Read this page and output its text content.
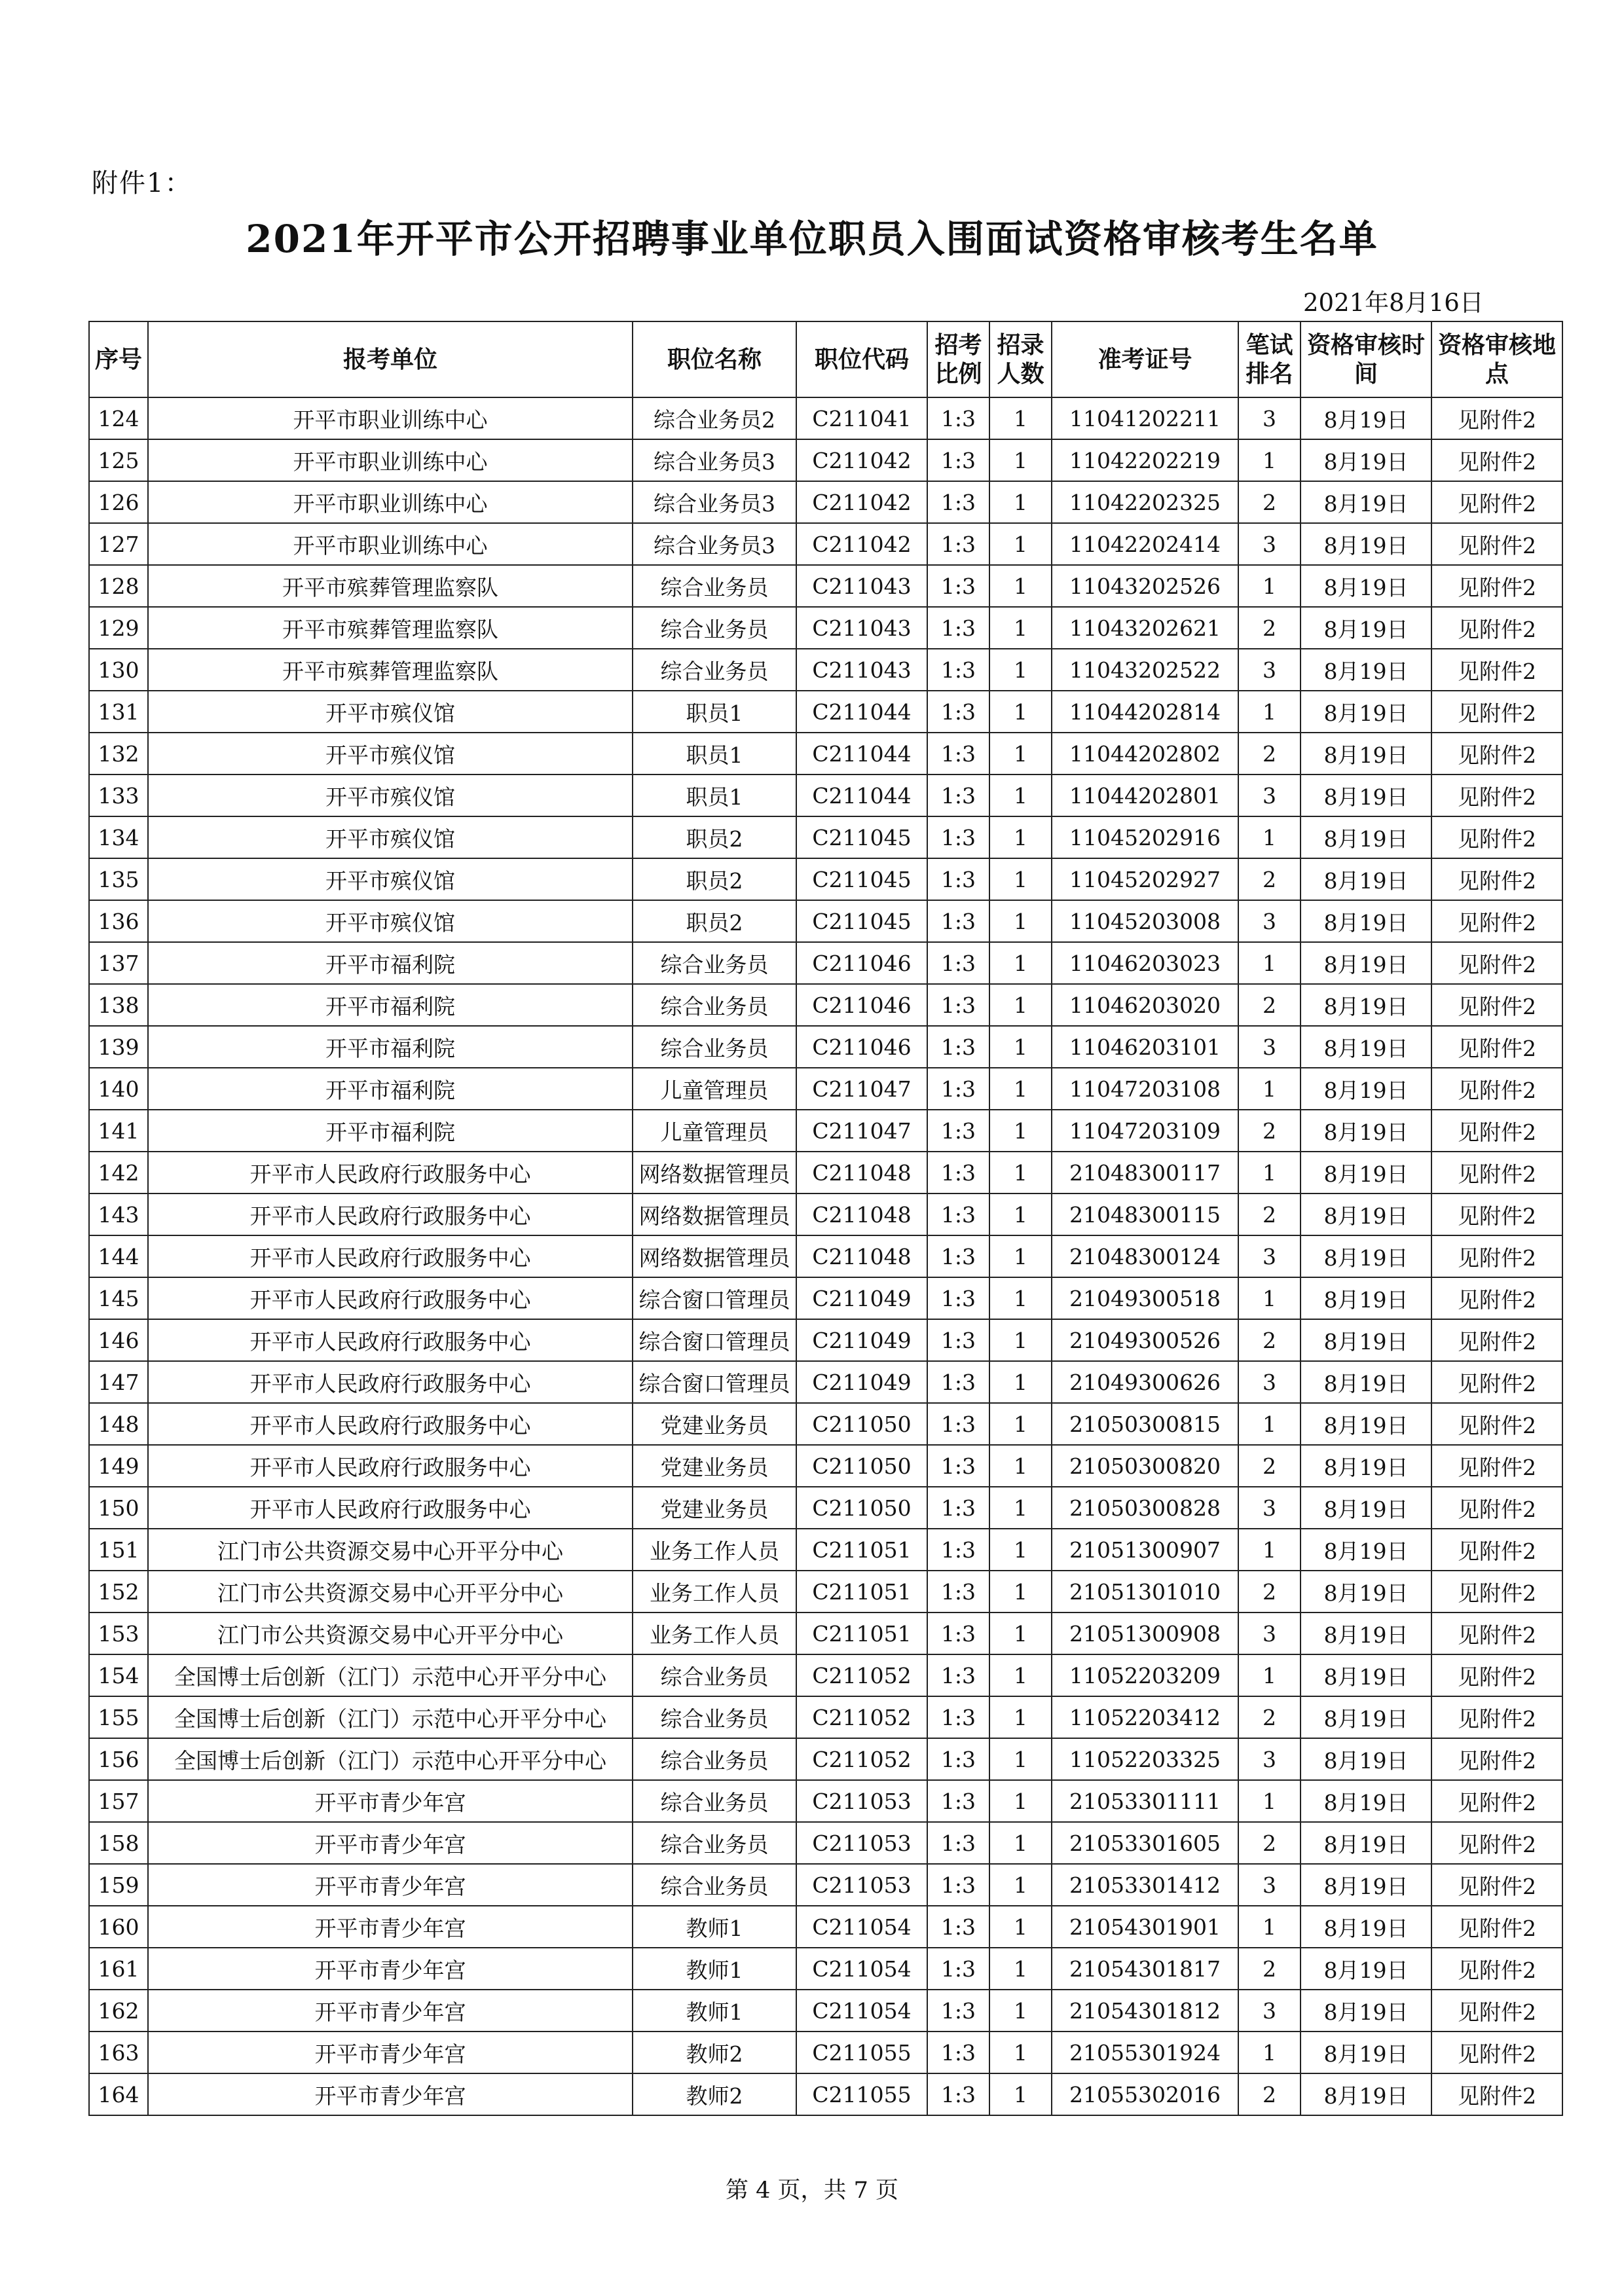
附件1：
2021年开平市公开招聘事业单位职员入围面试资格审核考生名单
2021年8月16日
序号	报考单位	职位名称	职位代码	招考比例	招录人数	准考证号	笔试排名	资格审核时间	资格审核地点
124	开平市职业训练中心	综合业务员2	C211041	1:3	1	11041202211	3	8月19日	见附件2
125	开平市职业训练中心	综合业务员3	C211042	1:3	1	11042202219	1	8月19日	见附件2
126	开平市职业训练中心	综合业务员3	C211042	1:3	1	11042202325	2	8月19日	见附件2
127	开平市职业训练中心	综合业务员3	C211042	1:3	1	11042202414	3	8月19日	见附件2
128	开平市殡葬管理监察队	综合业务员	C211043	1:3	1	11043202526	1	8月19日	见附件2
129	开平市殡葬管理监察队	综合业务员	C211043	1:3	1	11043202621	2	8月19日	见附件2
130	开平市殡葬管理监察队	综合业务员	C211043	1:3	1	11043202522	3	8月19日	见附件2
131	开平市殡仪馆	职员1	C211044	1:3	1	11044202814	1	8月19日	见附件2
132	开平市殡仪馆	职员1	C211044	1:3	1	11044202802	2	8月19日	见附件2
133	开平市殡仪馆	职员1	C211044	1:3	1	11044202801	3	8月19日	见附件2
134	开平市殡仪馆	职员2	C211045	1:3	1	11045202916	1	8月19日	见附件2
135	开平市殡仪馆	职员2	C211045	1:3	1	11045202927	2	8月19日	见附件2
136	开平市殡仪馆	职员2	C211045	1:3	1	11045203008	3	8月19日	见附件2
137	开平市福利院	综合业务员	C211046	1:3	1	11046203023	1	8月19日	见附件2
138	开平市福利院	综合业务员	C211046	1:3	1	11046203020	2	8月19日	见附件2
139	开平市福利院	综合业务员	C211046	1:3	1	11046203101	3	8月19日	见附件2
140	开平市福利院	儿童管理员	C211047	1:3	1	11047203108	1	8月19日	见附件2
141	开平市福利院	儿童管理员	C211047	1:3	1	11047203109	2	8月19日	见附件2
142	开平市人民政府行政服务中心	网络数据管理员	C211048	1:3	1	21048300117	1	8月19日	见附件2
143	开平市人民政府行政服务中心	网络数据管理员	C211048	1:3	1	21048300115	2	8月19日	见附件2
144	开平市人民政府行政服务中心	网络数据管理员	C211048	1:3	1	21048300124	3	8月19日	见附件2
145	开平市人民政府行政服务中心	综合窗口管理员	C211049	1:3	1	21049300518	1	8月19日	见附件2
146	开平市人民政府行政服务中心	综合窗口管理员	C211049	1:3	1	21049300526	2	8月19日	见附件2
147	开平市人民政府行政服务中心	综合窗口管理员	C211049	1:3	1	21049300626	3	8月19日	见附件2
148	开平市人民政府行政服务中心	党建业务员	C211050	1:3	1	21050300815	1	8月19日	见附件2
149	开平市人民政府行政服务中心	党建业务员	C211050	1:3	1	21050300820	2	8月19日	见附件2
150	开平市人民政府行政服务中心	党建业务员	C211050	1:3	1	21050300828	3	8月19日	见附件2
151	江门市公共资源交易中心开平分中心	业务工作人员	C211051	1:3	1	21051300907	1	8月19日	见附件2
152	江门市公共资源交易中心开平分中心	业务工作人员	C211051	1:3	1	21051301010	2	8月19日	见附件2
153	江门市公共资源交易中心开平分中心	业务工作人员	C211051	1:3	1	21051300908	3	8月19日	见附件2
154	全国博士后创新（江门）示范中心开平分中心	综合业务员	C211052	1:3	1	11052203209	1	8月19日	见附件2
155	全国博士后创新（江门）示范中心开平分中心	综合业务员	C211052	1:3	1	11052203412	2	8月19日	见附件2
156	全国博士后创新（江门）示范中心开平分中心	综合业务员	C211052	1:3	1	11052203325	3	8月19日	见附件2
157	开平市青少年宫	综合业务员	C211053	1:3	1	21053301111	1	8月19日	见附件2
158	开平市青少年宫	综合业务员	C211053	1:3	1	21053301605	2	8月19日	见附件2
159	开平市青少年宫	综合业务员	C211053	1:3	1	21053301412	3	8月19日	见附件2
160	开平市青少年宫	教师1	C211054	1:3	1	21054301901	1	8月19日	见附件2
161	开平市青少年宫	教师1	C211054	1:3	1	21054301817	2	8月19日	见附件2
162	开平市青少年宫	教师1	C211054	1:3	1	21054301812	3	8月19日	见附件2
163	开平市青少年宫	教师2	C211055	1:3	1	21055301924	1	8月19日	见附件2
164	开平市青少年宫	教师2	C211055	1:3	1	21055302016	2	8月19日	见附件2
第 4 页，共 7 页
